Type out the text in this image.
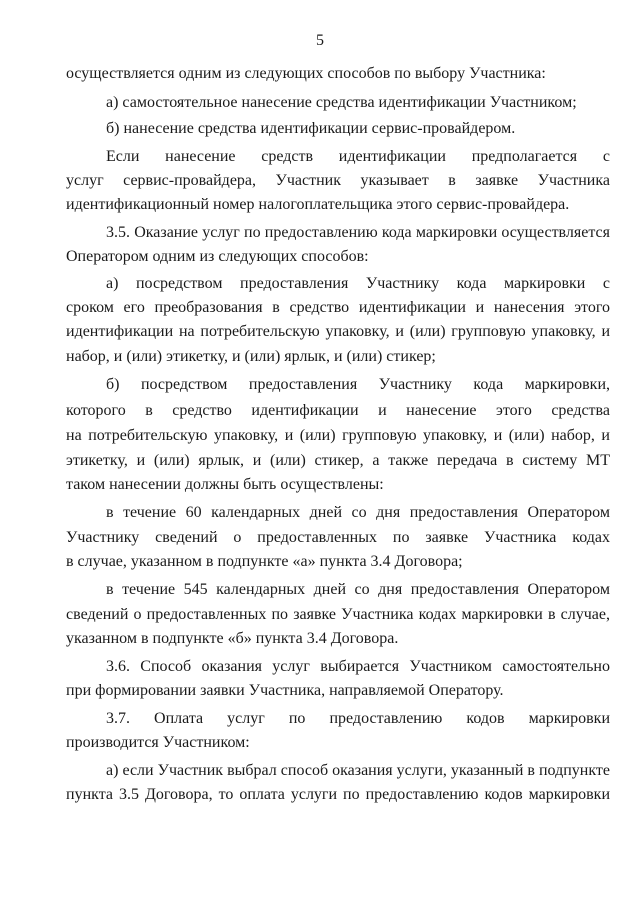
5
осуществляется одним из следующих способов по выбору Участника:
а) самостоятельное нанесение средства идентификации Участником;
б) нанесение средства идентификации сервис-провайдером.
Если нанесение средств идентификации предполагается с
услуг сервис-провайдера, Участник указывает в заявке Участника
идентификационный номер налогоплательщика этого сервис-провайдера.
3.5. Оказание услуг по предоставлению кода маркировки осуществляется
Оператором одним из следующих способов:
а) посредством предоставления Участнику кода маркировки с
сроком его преобразования в средство идентификации и нанесения этого
идентификации на потребительскую упаковку, и (или) групповую упаковку, и
набор, и (или) этикетку, и (или) ярлык, и (или) стикер;
б) посредством предоставления Участнику кода маркировки,
которого в средство идентификации и нанесение этого средства
на потребительскую упаковку, и (или) групповую упаковку, и (или) набор, и
этикетку, и (или) ярлык, и (или) стикер, а также передача в систему МТ
таком нанесении должны быть осуществлены:
в течение 60 календарных дней со дня предоставления Оператором
Участнику сведений о предоставленных по заявке Участника кодах
в случае, указанном в подпункте «а» пункта 3.4 Договора;
в течение 545 календарных дней со дня предоставления Оператором
сведений о предоставленных по заявке Участника кодах маркировки в случае,
указанном в подпункте «б» пункта 3.4 Договора.
3.6. Способ оказания услуг выбирается Участником самостоятельно
при формировании заявки Участника, направляемой Оператору.
3.7. Оплата услуг по предоставлению кодов маркировки
производится Участником:
а) если Участник выбрал способ оказания услуги, указанный в подпункте
пункта 3.5 Договора, то оплата услуги по предоставлению кодов маркировки
